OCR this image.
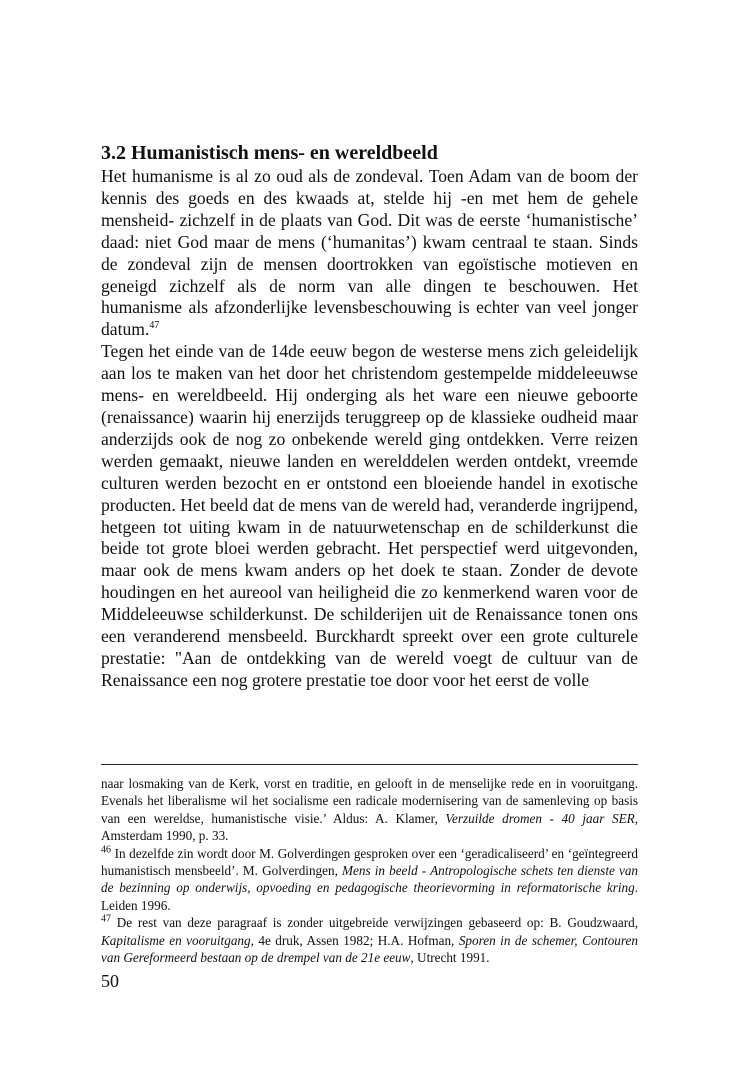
3.2 Humanistisch mens- en wereldbeeld

Het humanisme is al zo oud als de zondeval. Toen Adam van de boom der kennis des goeds en des kwaads at, stelde hij -en met hem de gehele mensheid- zichzelf in de plaats van God. Dit was de eerste ‘humanistische’ daad: niet God maar de mens (‘humanitas’) kwam centraal te staan. Sinds de zondeval zijn de mensen doortrokken van egoïstische motieven en geneigd zichzelf als de norm van alle dingen te beschouwen. Het humanisme als afzonderlijke levensbeschouwing is echter van veel jonger datum.$^{47}$

Tegen het einde van de 14de eeuw begon de westerse mens zich geleidelijk aan los te maken van het door het christendom gestempelde middeleeuwse mens- en wereldbeeld. Hij onderging als het ware een nieuwe geboorte (renaissance) waarin hij enerzijds teruggreep op de klassieke oudheid maar anderzijds ook de nog zo onbekende wereld ging ontdekken. Verre reizen werden gemaakt, nieuwe landen en werelddelen werden ontdekt, vreemde culturen werden bezocht en er ontstond een bloeiende handel in exotische producten. Het beeld dat de mens van de wereld had, veranderde ingrijpend, hetgeen tot uiting kwam in de natuurwetenschap en de schilderkunst die beide tot grote bloei werden gebracht. Het perspectief werd uitgevonden, maar ook de mens kwam anders op het doek te staan. Zonder de devote houdingen en het aureool van heiligheid die zo kenmerkend waren voor de Middeleeuwse schilderkunst. De schilderijen uit de Renaissance tonen ons een veranderend mensbeeld. Burckhardt spreekt over een grote culturele prestatie: "Aan de ontdekking van de wereld voegt de cultuur van de Renaissance een nog grotere prestatie toe door voor het eerst de volle

naar losmaking van de Kerk, vorst en traditie, en gelooft in de menselijke rede en in vooruitgang. Evenals het liberalisme wil het socialisme een radicale modernisering van de samenleving op basis van een wereldse, humanistische visie.’ Aldus: A. Klamer, Verzuilde dromen - 40 jaar SER, Amsterdam 1990, p. 33.

$^{46}$ In dezelfde zin wordt door M. Golverdingen gesproken over een ‘geradicaliseerd’ en ‘geïntegreerd humanistisch mensbeeld’. M. Golverdingen, Mens in beeld - Antropologische schets ten dienste van de bezinning op onderwijs, opvoeding en pedagogische theorievorming in reformatorische kring. Leiden 1996.

$^{47}$ De rest van deze paragraaf is zonder uitgebreide verwijzingen gebaseerd op: B. Goudzwaard, Kapitalisme en vooruitgang, 4e druk, Assen 1982; H.A. Hofman, Sporen in de schemer, Contouren van Gereformeerd bestaan op de drempel van de 21e eeuw, Utrecht 1991.

50
